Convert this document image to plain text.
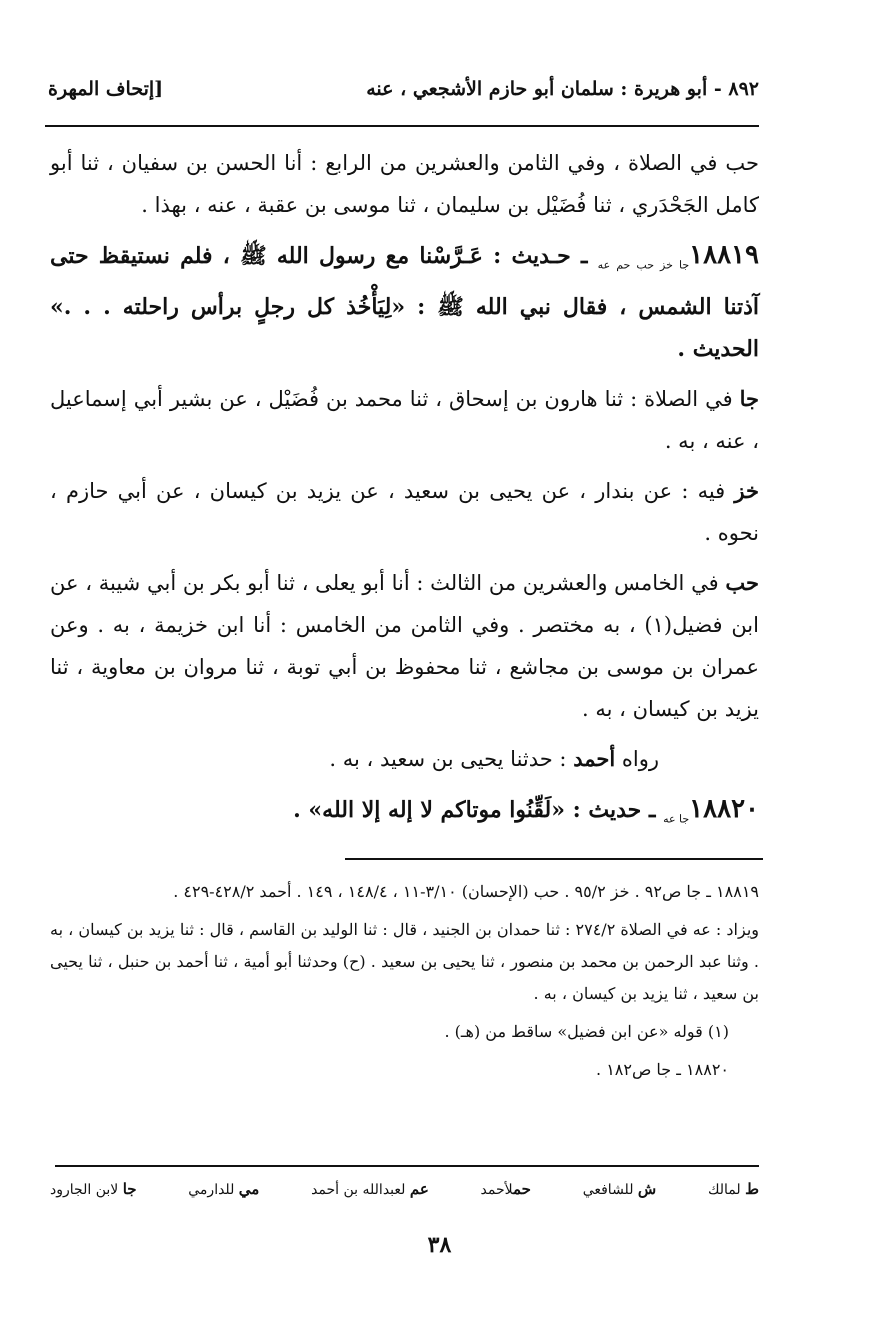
٨٩٢ - أبو هريرة : سلمان أبو حازم الأشجعي ، عنه
[إتحاف المهرة

حب في الصلاة ، وفي الثامن والعشرين من الرابع : أنا الحسن بن سفيان ، ثنا أبو كامل الجَحْدَري ، ثنا فُضَيْل بن سليمان ، ثنا موسى بن عقبة ، عنه ، بهذا .

$١٨٨١٩_{جا خز حب حم عه}$ ـ حـديث : عَـرَّسْنا مع رسول الله ﷺ ، فلم نستيقظ حتى آذتنا الشمس ، فقال نبي الله ﷺ : «لِيَأْخُذ كل رجلٍ برأس راحلته . . .» الحديث .

جا في الصلاة : ثنا هارون بن إسحاق ، ثنا محمد بن فُضَيْل ، عن بشير أبي إسماعيل ، عنه ، به .

خز فيه : عن بندار ، عن يحيى بن سعيد ، عن يزيد بن كيسان ، عن أبي حازم ، نحوه .

حب في الخامس والعشرين من الثالث : أنا أبو يعلى ، ثنا أبو بكر بن أبي شيبة ، عن ابن فضيل(١) ، به مختصر . وفي الثامن من الخامس : أنا ابن خزيمة ، به . وعن عمران بن موسى بن مجاشع ، ثنا محفوظ بن أبي توبة ، ثنا مروان بن معاوية ، ثنا يزيد بن كيسان ، به .

رواه أحمد : حدثنا يحيى بن سعيد ، به .

$١٨٨٢٠_{جا عه}$ ـ حديث : «لَقِّنُوا موتاكم لا إله إلا الله» .

١٨٨١٩ ـ جا ص٩٢ . خز ٩٥/٢ . حب (الإحسان) ٣/١٠-١١ ، ١٤٨/٤ ، ١٤٩ . أحمد ٤٢٨/٢-٤٢٩ .

ويزاد : عه في الصلاة ٢٧٤/٢ : ثنا حمدان بن الجنيد ، قال : ثنا الوليد بن القاسم ، قال : ثنا يزيد بن كيسان ، به . وثنا عبد الرحمن بن محمد بن منصور ، ثنا يحيى بن سعيد . (ح) وحدثنا أبو أمية ، ثنا أحمد بن حنبل ، ثنا يحيى بن سعيد ، ثنا يزيد بن كيسان ، به .

(١) قوله «عن ابن فضيل» ساقط من (هـ) .

١٨٨٢٠ ـ جا ص١٨٢ .

ط لمالك
ش للشافعي
حملأحمد
عم لعبدالله بن أحمد
مي للدارمي
جا لابن الجارود
٣٨
